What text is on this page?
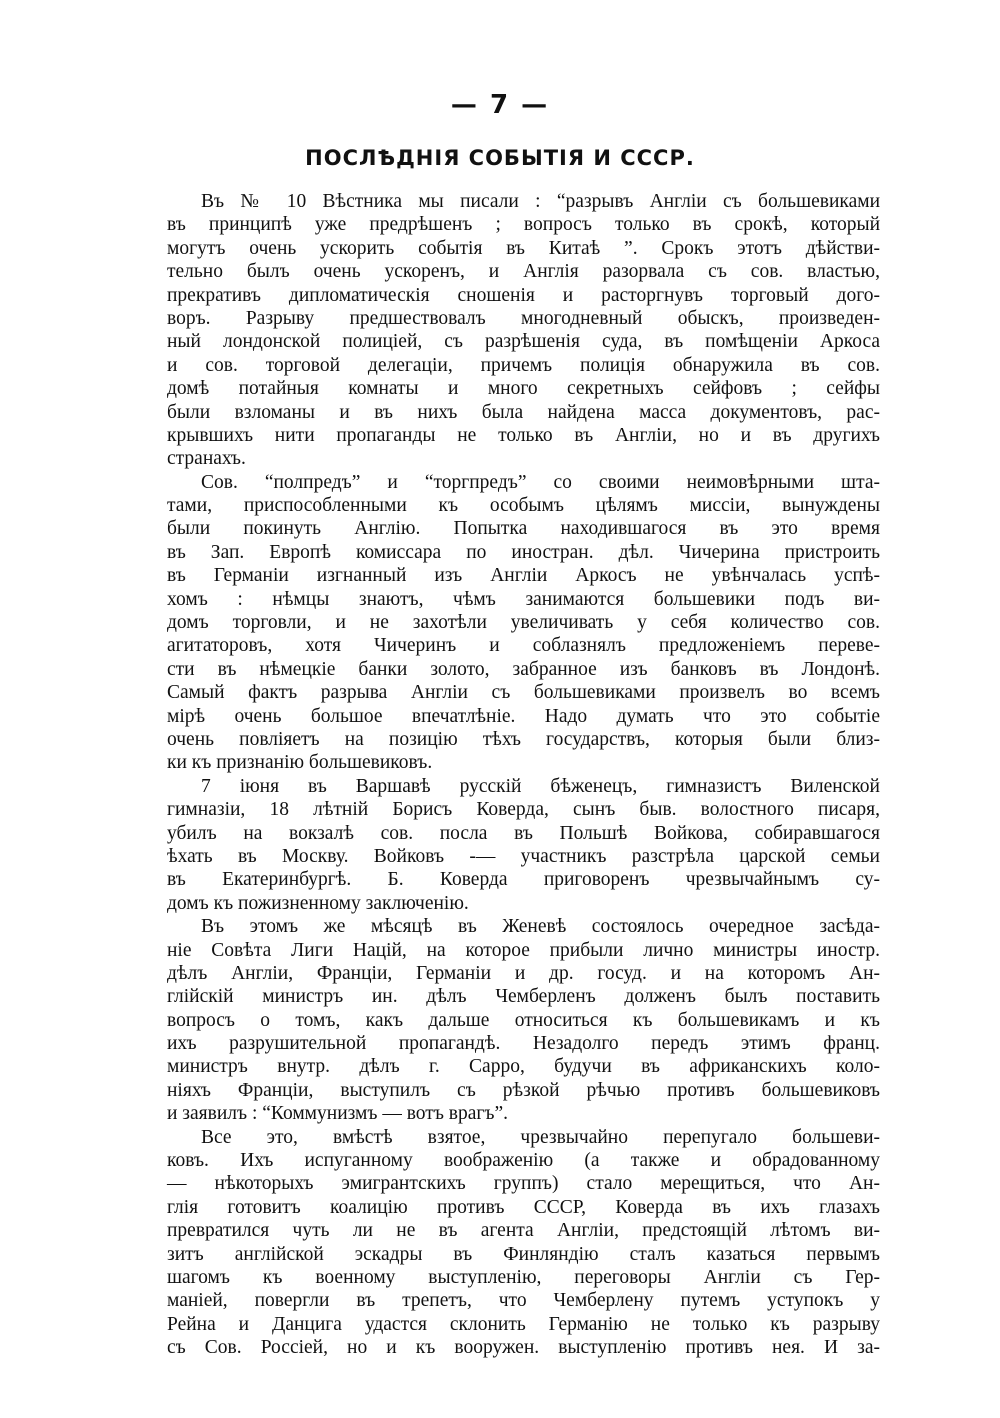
— 7 —
ПОСЛѢДНІЯ СОБЫТІЯ И СССР.
Въ № 10 Вѣстника мы писали : “разрывъ Англіи съ большевиками
въ принципѣ уже предрѣшенъ ; вопросъ только въ срокѣ, который
могутъ очень ускорить событія въ Китаѣ ”. Срокъ этотъ дѣйстви-
тельно былъ очень ускоренъ, и Англія разорвала съ сов. властью,
прекративъ дипломатическія сношенія и расторгнувъ торговый дого-
воръ. Разрыву предшествовалъ многодневный обыскъ, произведен-
ный лондонской полиціей, съ разрѣшенія суда, въ помѣщеніи Аркоса
и сов. торговой делегаціи, причемъ полиція обнаружила въ сов.
домѣ потайныя комнаты и много секретныхъ сейфовъ ; сейфы
были взломаны и въ нихъ была найдена масса документовъ, рас-
крывшихъ нити пропаганды не только въ Англіи, но и въ другихъ
странахъ.
Сов. “полпредъ” и “торгпредъ” со своими неимовѣрными шта-
тами, приспособленными къ особымъ цѣлямъ миссіи, вынуждены
были покинуть Англію. Попытка находившагося въ это время
въ Зап. Европѣ комиссара по иностран. дѣл. Чичерина пристроить
въ Германіи изгнанный изъ Англіи Аркосъ не увѣнчалась успѣ-
хомъ : нѣмцы знаютъ, чѣмъ занимаются большевики подъ ви-
домъ торговли, и не захотѣли увеличивать у себя количество сов.
агитаторовъ, хотя Чичеринъ и соблазнялъ предложеніемъ переве-
сти въ нѣмецкіе банки золото, забранное изъ банковъ въ Лондонѣ.
Самый фактъ разрыва Англіи съ большевиками произвелъ во всемъ
мірѣ очень большое впечатлѣніе. Надо думать что это событіе
очень повліяетъ на позицію тѣхъ государствъ, которыя были близ-
ки къ признанію большевиковъ.
7 іюня въ Варшавѣ русскій бѣженецъ, гимназистъ Виленской
гимназіи, 18 лѣтній Борисъ Коверда, сынъ быв. волостного писаря,
убилъ на вокзалѣ сов. посла въ Польшѣ Войкова, собиравшагося
ѣхать въ Москву. Войковъ -— участникъ разстрѣла царской семьи
въ Екатеринбургѣ. Б. Коверда приговоренъ чрезвычайнымъ су-
домъ къ пожизненному заключенію.
Въ этомъ же мѣсяцѣ въ Женевѣ состоялось очередное засѣда-
ніе Совѣта Лиги Націй, на которое прибыли лично министры иностр.
дѣлъ Англіи, Франціи, Германіи и др. госуд. и на которомъ Ан-
глійскій министръ ин. дѣлъ Чемберленъ долженъ былъ поставить
вопросъ о томъ, какъ дальше относиться къ большевикамъ и къ
ихъ разрушительной пропагандѣ. Незадолго передъ этимъ франц.
министръ внутр. дѣлъ г. Сарро, будучи въ африканскихъ коло-
ніяхъ Франціи, выступилъ съ рѣзкой рѣчью противъ большевиковъ
и заявилъ : “Коммунизмъ — вотъ врагъ”.
Все это, вмѣстѣ взятое, чрезвычайно перепугало большеви-
ковъ. Ихъ испуганному воображенію (а также и обрадованному
— нѣкоторыхъ эмигрантскихъ группъ) стало мерещиться, что Ан-
глія готовитъ коалицію противъ СССР, Коверда въ ихъ глазахъ
превратился чуть ли не въ агента Англіи, предстоящій лѣтомъ ви-
зитъ англійской эскадры въ Финляндію сталъ казаться первымъ
шагомъ къ военному выступленію, переговоры Англіи съ Гер-
маніей, повергли въ трепетъ, что Чемберлену путемъ уступокъ у
Рейна и Данцига удастся склонить Германію не только къ разрыву
съ Сов. Россіей, но и къ вооружен. выступленію противъ нея. И за-
